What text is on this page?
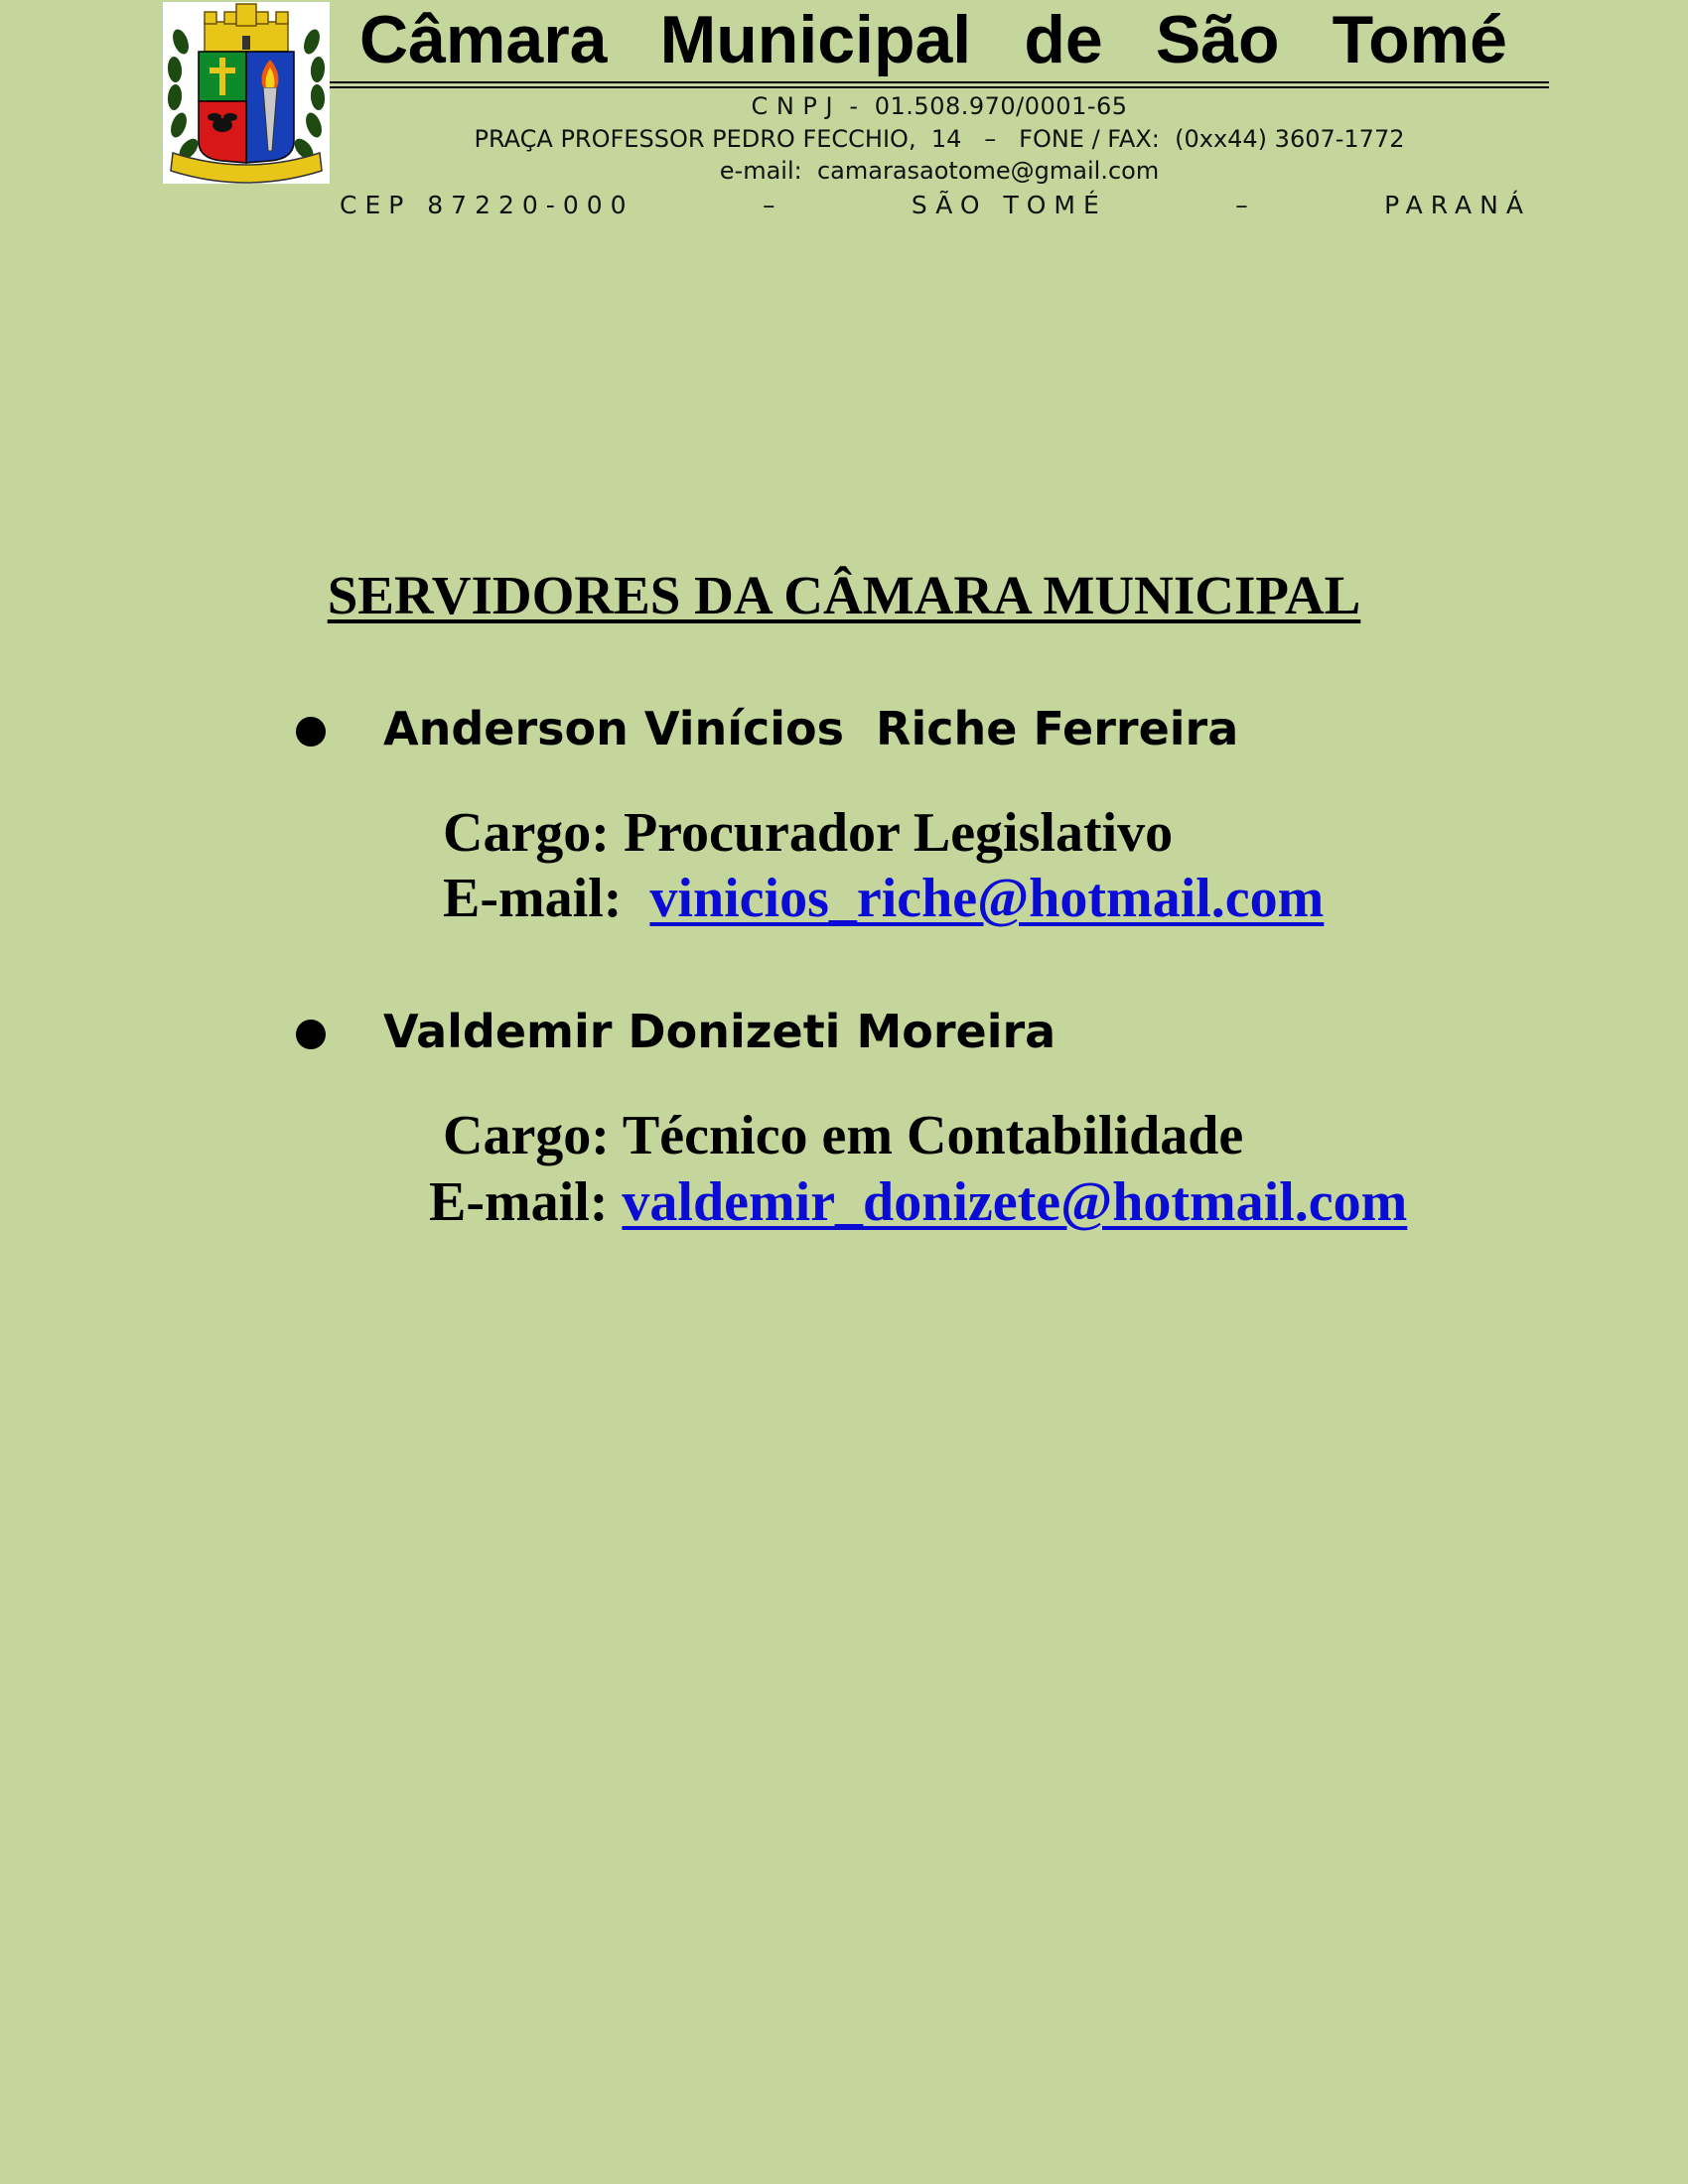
Câmara Municipal de São Tomé
C N P J  -  01.508.970/0001-65
PRAÇA PROFESSOR PEDRO FECCHIO,  14   –   FONE / FAX:  (0xx44) 3607-1772
e-mail:  camarasaotome@gmail.com
CEP 87220-000	–	SÃO TOMÉ	–	PARANÁ
SERVIDORES DA CÂMARA MUNICIPAL
Anderson Vinícios  Riche Ferreira
Cargo: Procurador Legislativo
E-mail:  vinicios_riche@hotmail.com
Valdemir Donizeti Moreira
Cargo: Técnico em Contabilidade
E-mail: valdemir_donizete@hotmail.com
